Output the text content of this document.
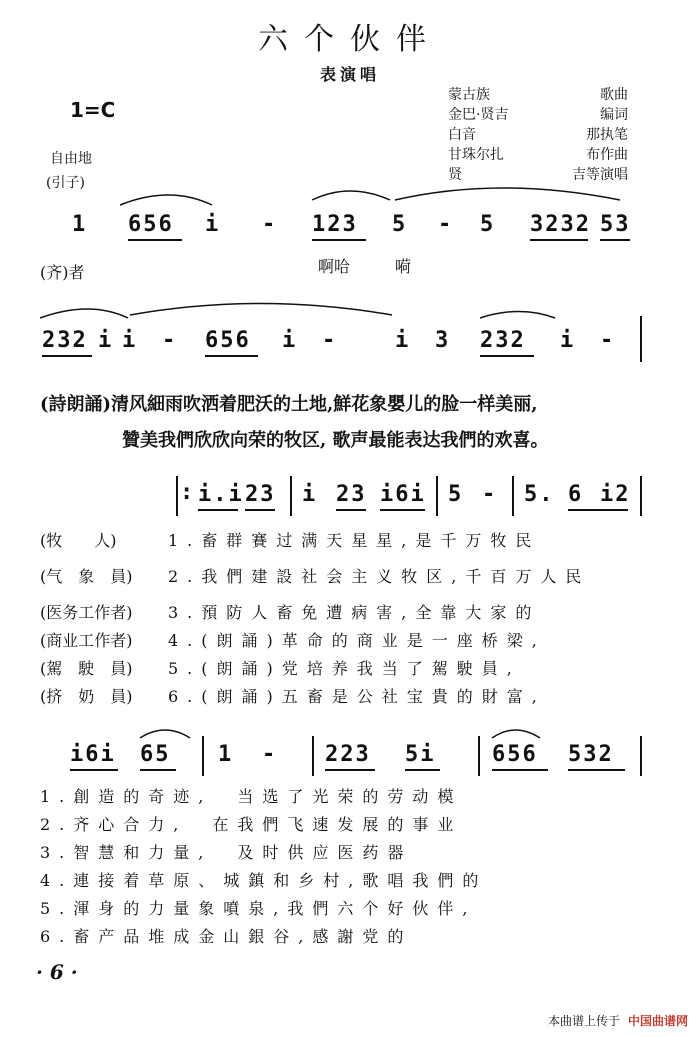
六个伙伴
表演唱
1=C
蒙古族	歌曲
金巴·贤吉	编词
白音	那执笔
甘珠尔扎	布作曲
贤	吉等演唱
自由地
(引子)
1 656 i - 123 5 - 5 3232 53
(齐)者	啊哈	嗬
232 i i - 656 i -	i 3 232 i -
(詩朗誦)清风細雨吹洒着肥沃的土地,鮮花象嬰儿的脸一样美丽,
贊美我們欣欣向荣的牧区, 歌声最能表达我們的欢喜。
: i.i 23 i 23 i6i 5 - 5. 6 i2
(牧　　人)	1.畜群賽过满天星星,是千万牧民
(气　象　員) 2.我們建設社会主义牧区,千百万人民
(医务工作者) 3.預防人畜免遭病害,全靠大家的
(商业工作者) 4.(朗誦)革命的商业是一座桥梁,
(駕　駛　員) 5.(朗誦)党培养我当了駕駛員,
(挤　奶　員) 6.(朗誦)五畜是公社宝貴的財富,
i6i 65 1 - 223 5i	656 532
1.創造的奇迹,　当选了光荣的劳动模
2.齐心合力,　在我們飞速发展的事业
3.智慧和力量,　及时供应医药器
4.連接着草原、城鎮和乡村,歌唱我們的
5.渾身的力量象噴泉,我們六个好伙伴,
6.畜产品堆成金山銀谷,感謝党的
· 6 ·
本曲谱上传于 中国曲谱网
